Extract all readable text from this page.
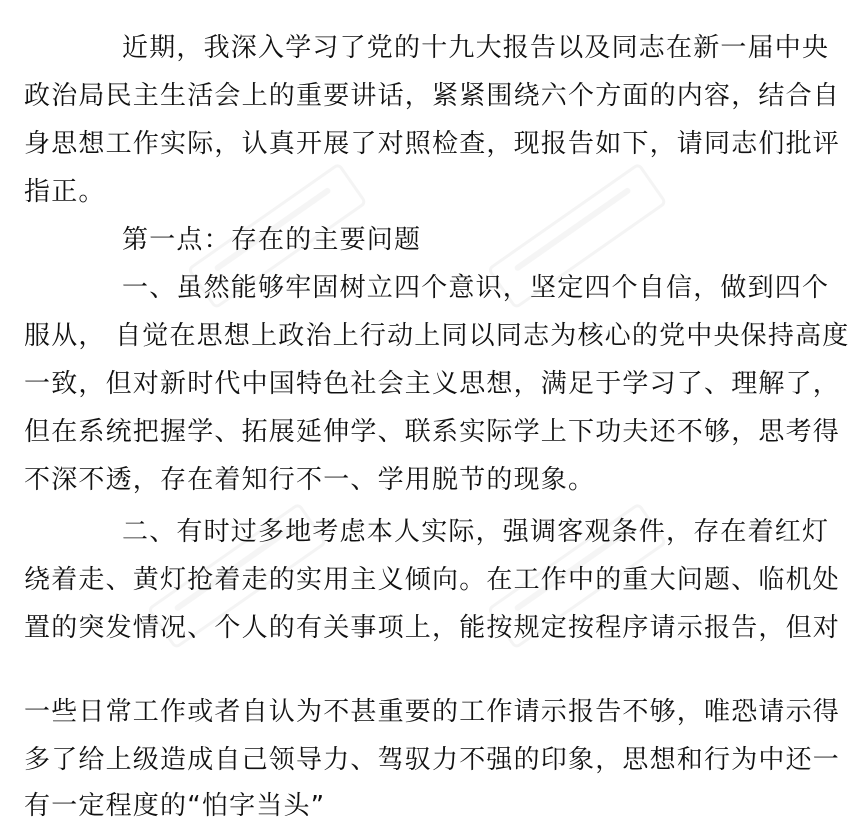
近期，我深入学习了党的十九大报告以及同志在新一届中央
政治局民主生活会上的重要讲话，紧紧围绕六个方面的内容，结合自
身思想工作实际，认真开展了对照检查，现报告如下，请同志们批评
指正。
第一点：存在的主要问题
一、虽然能够牢固树立四个意识，坚定四个自信，做到四个
服从， 自觉在思想上政治上行动上同以同志为核心的党中央保持高度
一致，但对新时代中国特色社会主义思想，满足于学习了、理解了，
但在系统把握学、拓展延伸学、联系实际学上下功夫还不够，思考得
不深不透，存在着知行不一、学用脱节的现象。
二、有时过多地考虑本人实际，强调客观条件，存在着红灯
绕着走、黄灯抢着走的实用主义倾向。在工作中的重大问题、临机处
置的突发情况、个人的有关事项上，能按规定按程序请示报告，但对
一些日常工作或者自认为不甚重要的工作请示报告不够，唯恐请示得
多了给上级造成自己领导力、驾驭力不强的印象，思想和行为中还一
有一定程度的“怕字当头”
